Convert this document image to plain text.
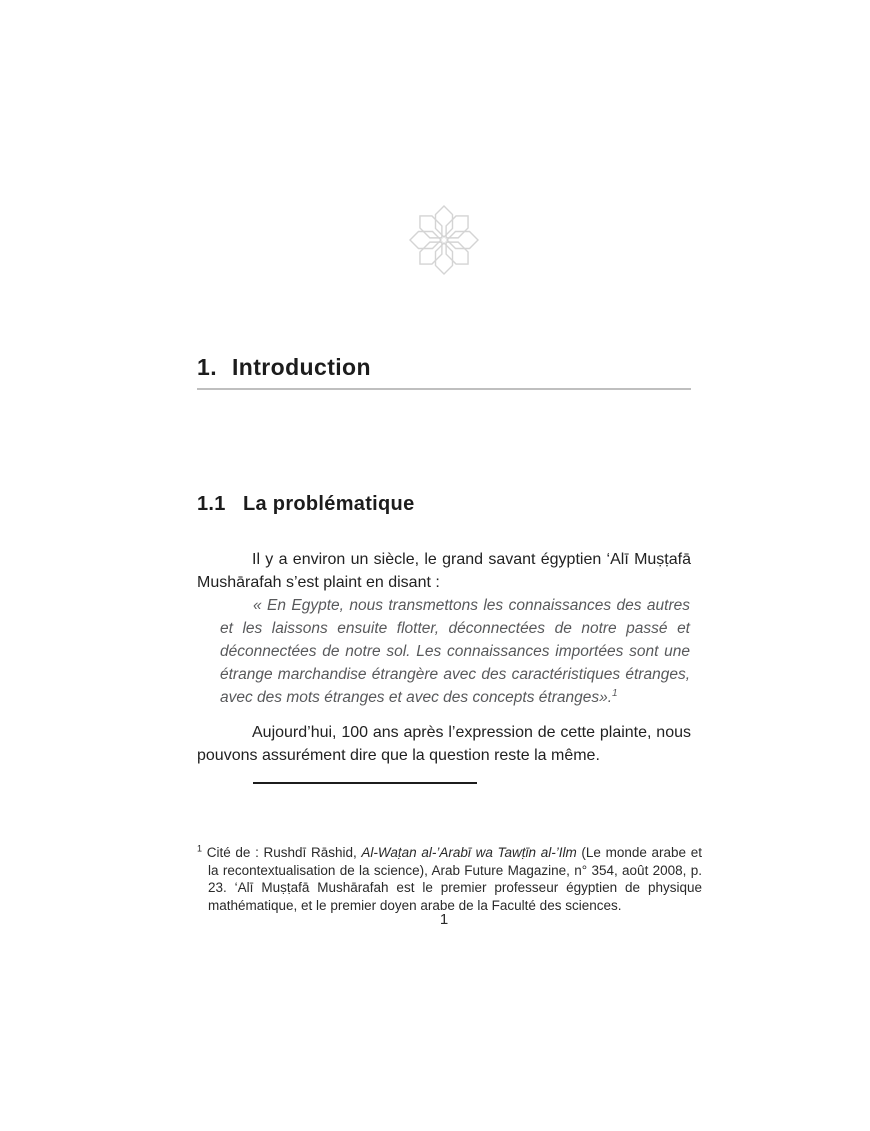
1. Introduction
1.1 La problématique

Il y a environ un siècle, le grand savant égyptien ‘Alī Muṣṭafā Mushārafah s’est plaint en disant :

« En Egypte, nous transmettons les connaissances des autres et les laissons ensuite flotter, déconnectées de notre passé et déconnectées de notre sol. Les connaissances importées sont une étrange marchandise étrangère avec des caractéristiques étranges, avec des mots étranges et avec des concepts étranges».$^1$

Aujourd’hui, 100 ans après l’expression de cette plainte, nous pouvons assurément dire que la question reste la même.

$^1$ Cité de : Rushdī Rāshid, Al-Waṭan al-’Arabī wa Tawṭīn al-’Ilm (Le monde arabe et la recontextualisation de la science), Arab Future Magazine, n° 354, août 2008, p. 23. ‘Alī Muṣṭafā Mushārafah est le premier professeur égyptien de physique mathématique, et le premier doyen arabe de la Faculté des sciences.

1
